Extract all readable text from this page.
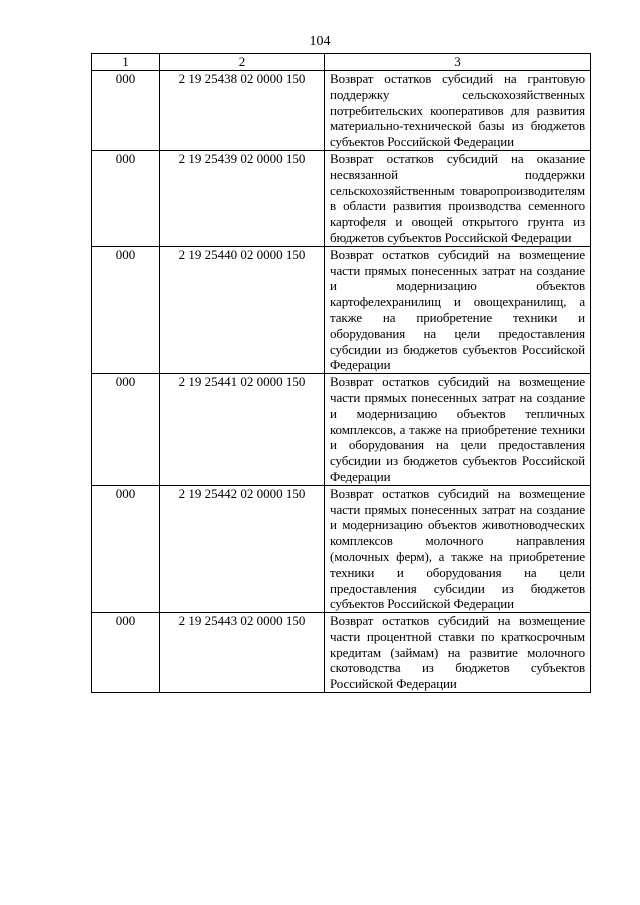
104
1	2	3
000	2 19 25438 02 0000 150	Возврат остатков субсидий на грантовую поддержку сельскохозяйственных потребительских кооперативов для развития материально-технической базы из бюджетов субъектов Российской Федерации
000	2 19 25439 02 0000 150	Возврат остатков субсидий на оказание несвязанной поддержки сельскохозяйственным товаропроизводителям в области развития производства семенного картофеля и овощей открытого грунта из бюджетов субъектов Российской Федерации
000	2 19 25440 02 0000 150	Возврат остатков субсидий на возмещение части прямых понесенных затрат на создание и модернизацию объектов картофелехранилищ и овощехранилищ, а также на приобретение техники и оборудования на цели предоставления субсидии из бюджетов субъектов Российской Федерации
000	2 19 25441 02 0000 150	Возврат остатков субсидий на возмещение части прямых понесенных затрат на создание и модернизацию объектов тепличных комплексов, а также на приобретение техники и оборудования на цели предоставления субсидии из бюджетов субъектов Российской Федерации
000	2 19 25442 02 0000 150	Возврат остатков субсидий на возмещение части прямых понесенных затрат на создание и модернизацию объектов животноводческих комплексов молочного направления (молочных ферм), а также на приобретение техники и оборудования на цели предоставления субсидии из бюджетов субъектов Российской Федерации
000	2 19 25443 02 0000 150	Возврат остатков субсидий на возмещение части процентной ставки по краткосрочным кредитам (займам) на развитие молочного скотоводства из бюджетов субъектов Российской Федерации
